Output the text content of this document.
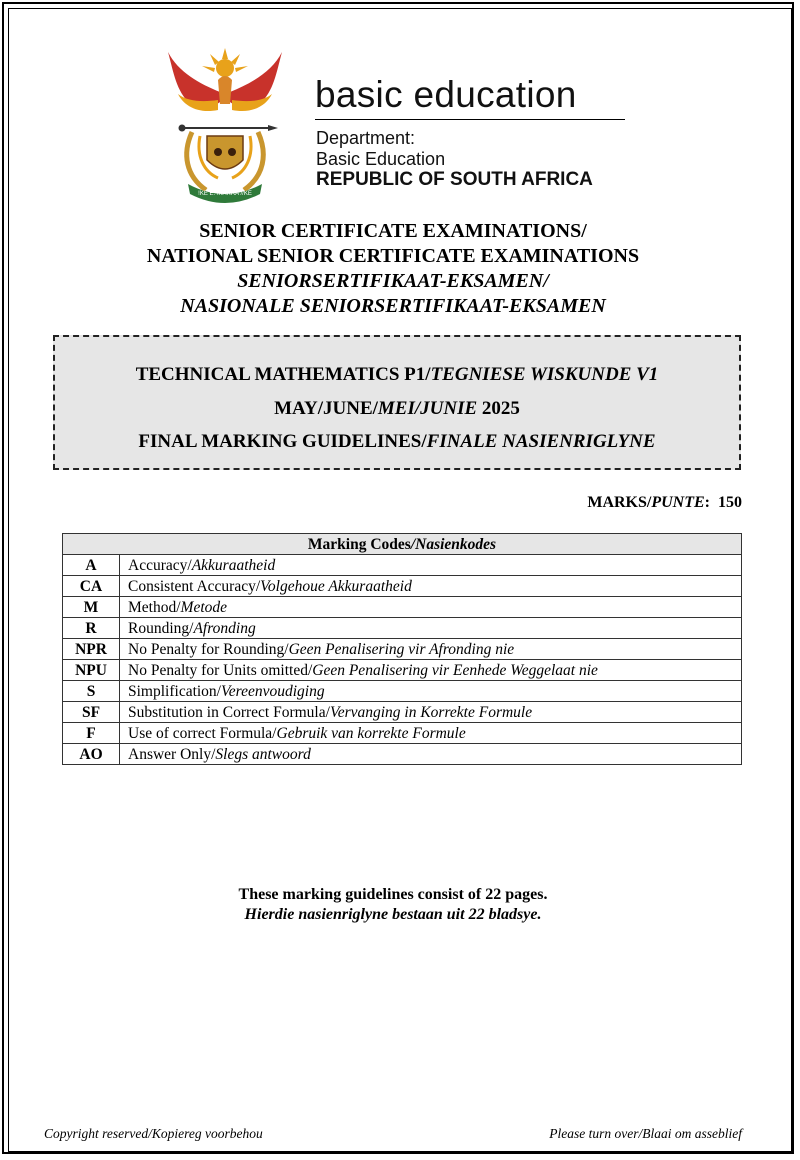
!KE E: /XARRA //KE
basic education
Department:
Basic Education
REPUBLIC OF SOUTH AFRICA
SENIOR CERTIFICATE EXAMINATIONS/
NATIONAL SENIOR CERTIFICATE EXAMINATIONS
SENIORSERTIFIKAAT-EKSAMEN/
NASIONALE SENIORSERTIFIKAAT-EKSAMEN
TECHNICAL MATHEMATICS P1/TEGNIESE WISKUNDE V1
MAY/JUNE/MEI/JUNIE 2025
FINAL MARKING GUIDELINES/FINALE NASIENRIGLYNE
MARKS/PUNTE:  150
Marking Codes/Nasienkodes	
A	Accuracy/Akkuraatheid
CA	Consistent Accuracy/Volgehoue Akkuraatheid
M	Method/Metode
R	Rounding/Afronding
NPR	No Penalty for Rounding/Geen Penalisering vir Afronding nie
NPU	No Penalty for Units omitted/Geen Penalisering vir Eenhede Weggelaat nie
S	Simplification/Vereenvoudiging
SF	Substitution in Correct Formula/Vervanging in Korrekte Formule
F	Use of correct Formula/Gebruik van korrekte Formule
AO	Answer Only/Slegs antwoord
These marking guidelines consist of 22 pages.
Hierdie nasienriglyne bestaan uit 22 bladsye.
Copyright reserved/Kopiereg voorbehou	Please turn over/Blaai om asseblief
